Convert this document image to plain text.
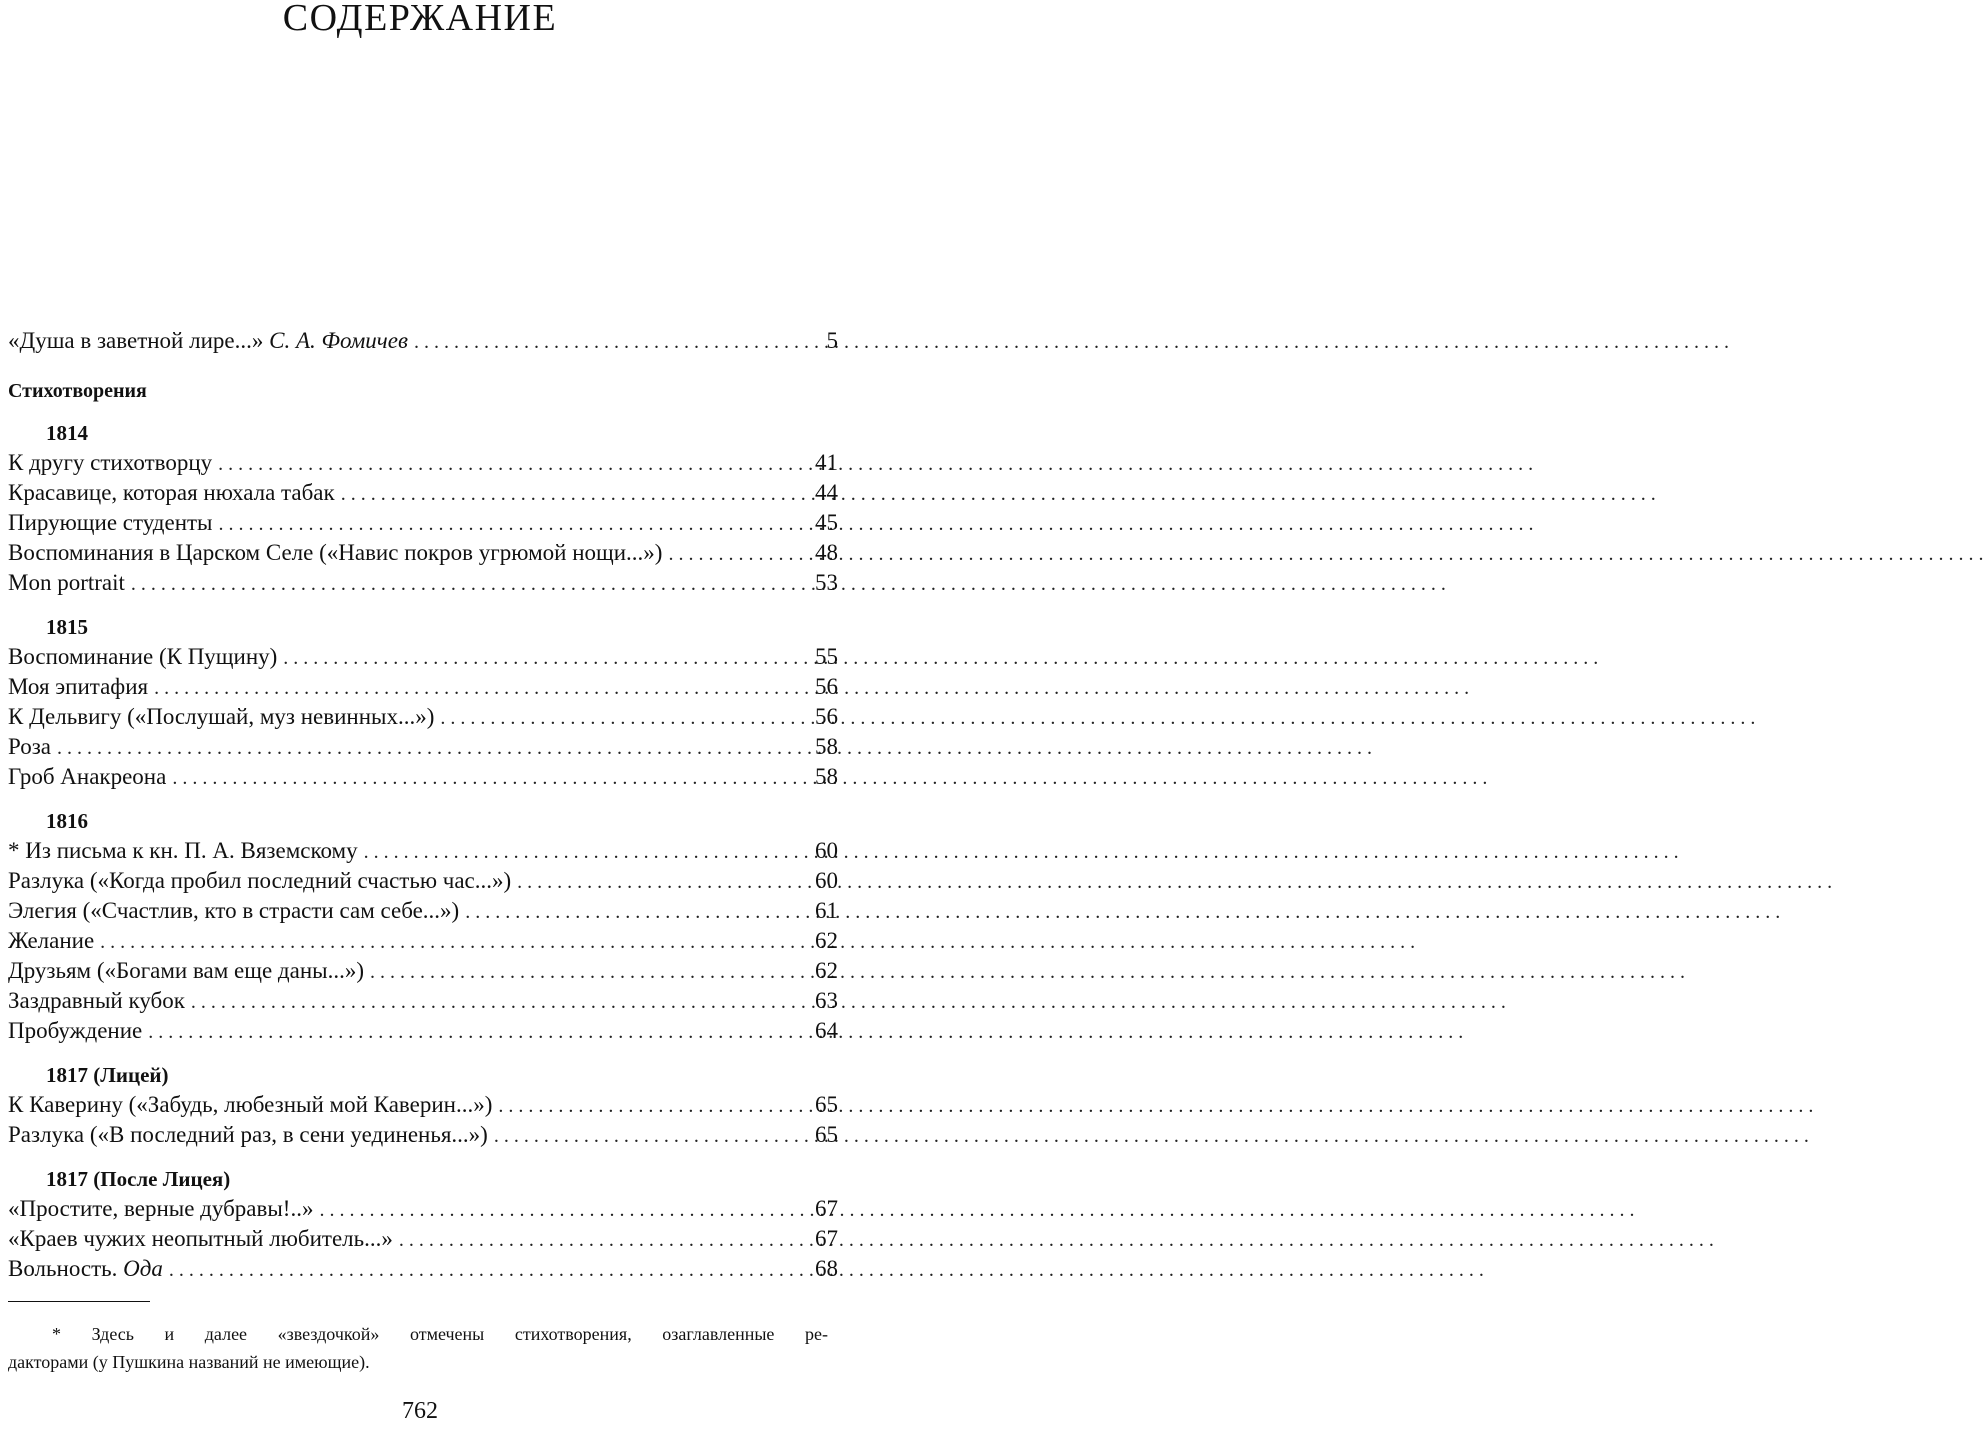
СОДЕРЖАНИЕ
«Душа в заветной лире...» С. А. Фомичев . . .	5
Стихотворения
1814
К другу стихотворцу . . .	41
Красавице, которая нюхала табак . . .	44
Пирующие студенты . . .	45
Воспоминания в Царском Селе («Навис покров угрюмой нощи...») . . .	48
Mon portrait . . .	53
1815
Воспоминание (К Пущину) . . .	55
Моя эпитафия . . .	56
К Дельвигу («Послушай, муз невинных...») . . .	56
Роза . . .	58
Гроб Анакреона . . .	58
1816
* Из письма к кн. П. А. Вяземскому . . .	60
Разлука («Когда пробил последний счастью час...») . . .	60
Элегия («Счастлив, кто в страсти сам себе...») . . .	61
Желание . . .	62
Друзьям («Богами вам еще даны...») . . .	62
Заздравный кубок . . .	63
Пробуждение . . .	64
1817 (Лицей)
К Каверину («Забудь, любезный мой Каверин...») . . .	65
Разлука («В последний раз, в сени уединенья...») . . .	65
1817 (После Лицея)
«Простите, верные дубравы!..» . . .	67
«Краев чужих неопытный любитель...» . . .	67
Вольность. Ода . . .	68
* Здесь и далее «звездочкой» отмечены стихотворения, озаглавленные ре-
дакторами (у Пушкина названий не имеющие).
762
